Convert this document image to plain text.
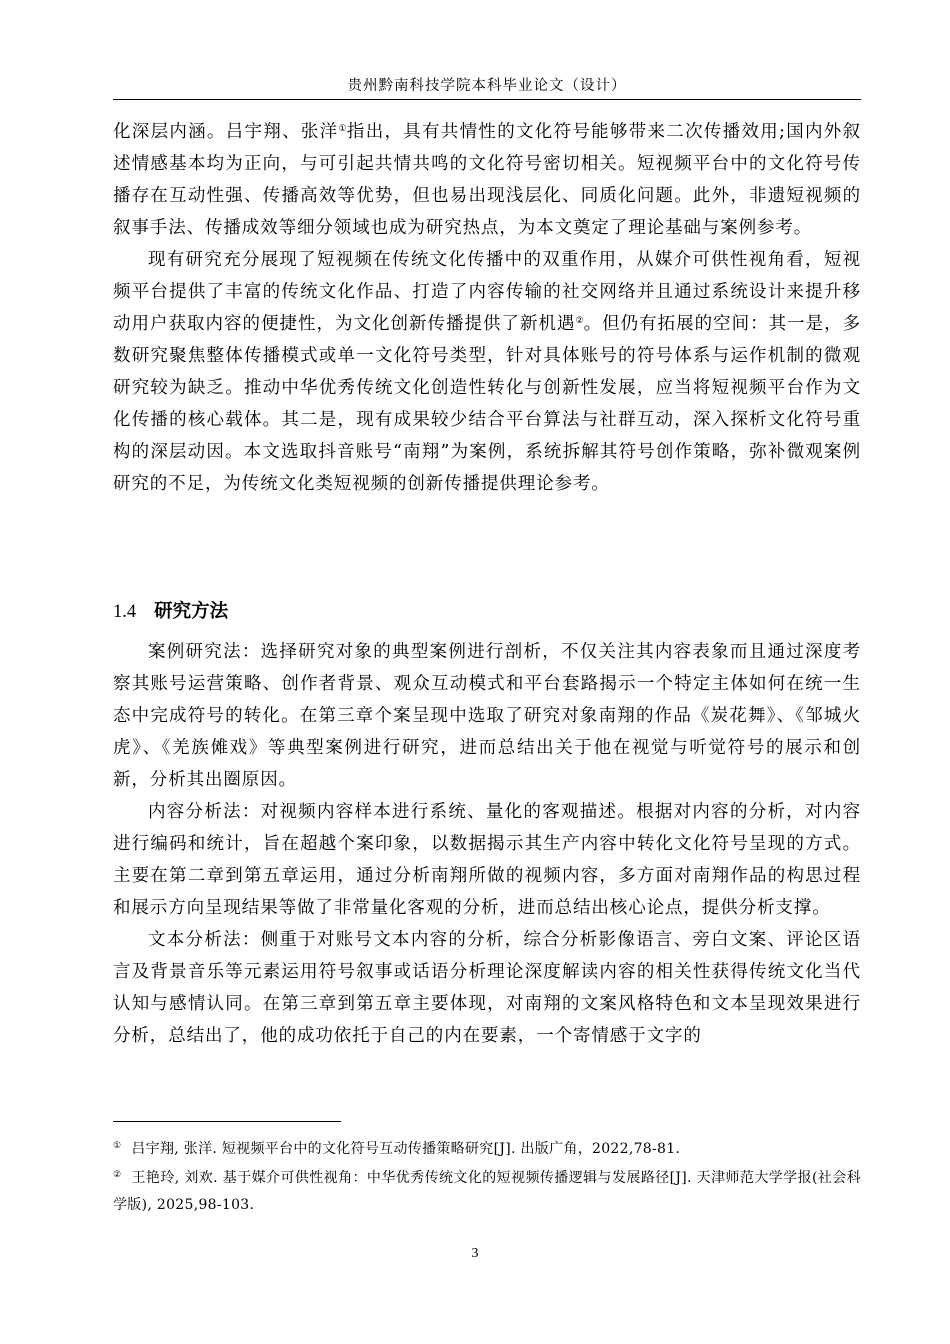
贵州黔南科技学院本科毕业论文（设计）

化深层内涵。吕宇翔、张洋①指出，具有共情性的文化符号能够带来二次传播效用;国内外叙述情感基本均为正向，与可引起共情共鸣的文化符号密切相关。短视频平台中的文化符号传播存在互动性强、传播高效等优势，但也易出现浅层化、同质化问题。此外，非遗短视频的叙事手法、传播成效等细分领域也成为研究热点，为本文奠定了理论基础与案例参考。

现有研究充分展现了短视频在传统文化传播中的双重作用，从媒介可供性视角看，短视频平台提供了丰富的传统文化作品、打造了内容传输的社交网络并且通过系统设计来提升移动用户获取内容的便捷性，为文化创新传播提供了新机遇②。但仍有拓展的空间：其一是，多数研究聚焦整体传播模式或单一文化符号类型，针对具体账号的符号体系与运作机制的微观研究较为缺乏。推动中华优秀传统文化创造性转化与创新性发展，应当将短视频平台作为文化传播的核心载体。其二是，现有成果较少结合平台算法与社群互动，深入探析文化符号重构的深层动因。本文选取抖音账号“南翔”为案例，系统拆解其符号创作策略，弥补微观案例研究的不足，为传统文化类短视频的创新传播提供理论参考。

1.4 研究方法

案例研究法：选择研究对象的典型案例进行剖析，不仅关注其内容表象而且通过深度考察其账号运营策略、创作者背景、观众互动模式和平台套路揭示一个特定主体如何在统一生态中完成符号的转化。在第三章个案呈现中选取了研究对象南翔的作品《炭花舞》、《邹城火虎》、《羌族傩戏》等典型案例进行研究，进而总结出关于他在视觉与听觉符号的展示和创新，分析其出圈原因。

内容分析法：对视频内容样本进行系统、量化的客观描述。根据对内容的分析，对内容进行编码和统计，旨在超越个案印象，以数据揭示其生产内容中转化文化符号呈现的方式。主要在第二章到第五章运用，通过分析南翔所做的视频内容，多方面对南翔作品的构思过程和展示方向呈现结果等做了非常量化客观的分析，进而总结出核心论点，提供分析支撑。

文本分析法：侧重于对账号文本内容的分析，综合分析影像语言、旁白文案、评论区语言及背景音乐等元素运用符号叙事或话语分析理论深度解读内容的相关性获得传统文化当代认知与感情认同。在第三章到第五章主要体现，对南翔的文案风格特色和文本呈现效果进行分析，总结出了，他的成功依托于自己的内在要素，一个寄情感于文字的

① 吕宇翔, 张洋. 短视频平台中的文化符号互动传播策略研究[J]. 出版广角，2022,78-81.

② 王艳玲, 刘欢. 基于媒介可供性视角：中华优秀传统文化的短视频传播逻辑与发展路径[J]. 天津师范大学学报(社会科学版), 2025,98-103.

3
